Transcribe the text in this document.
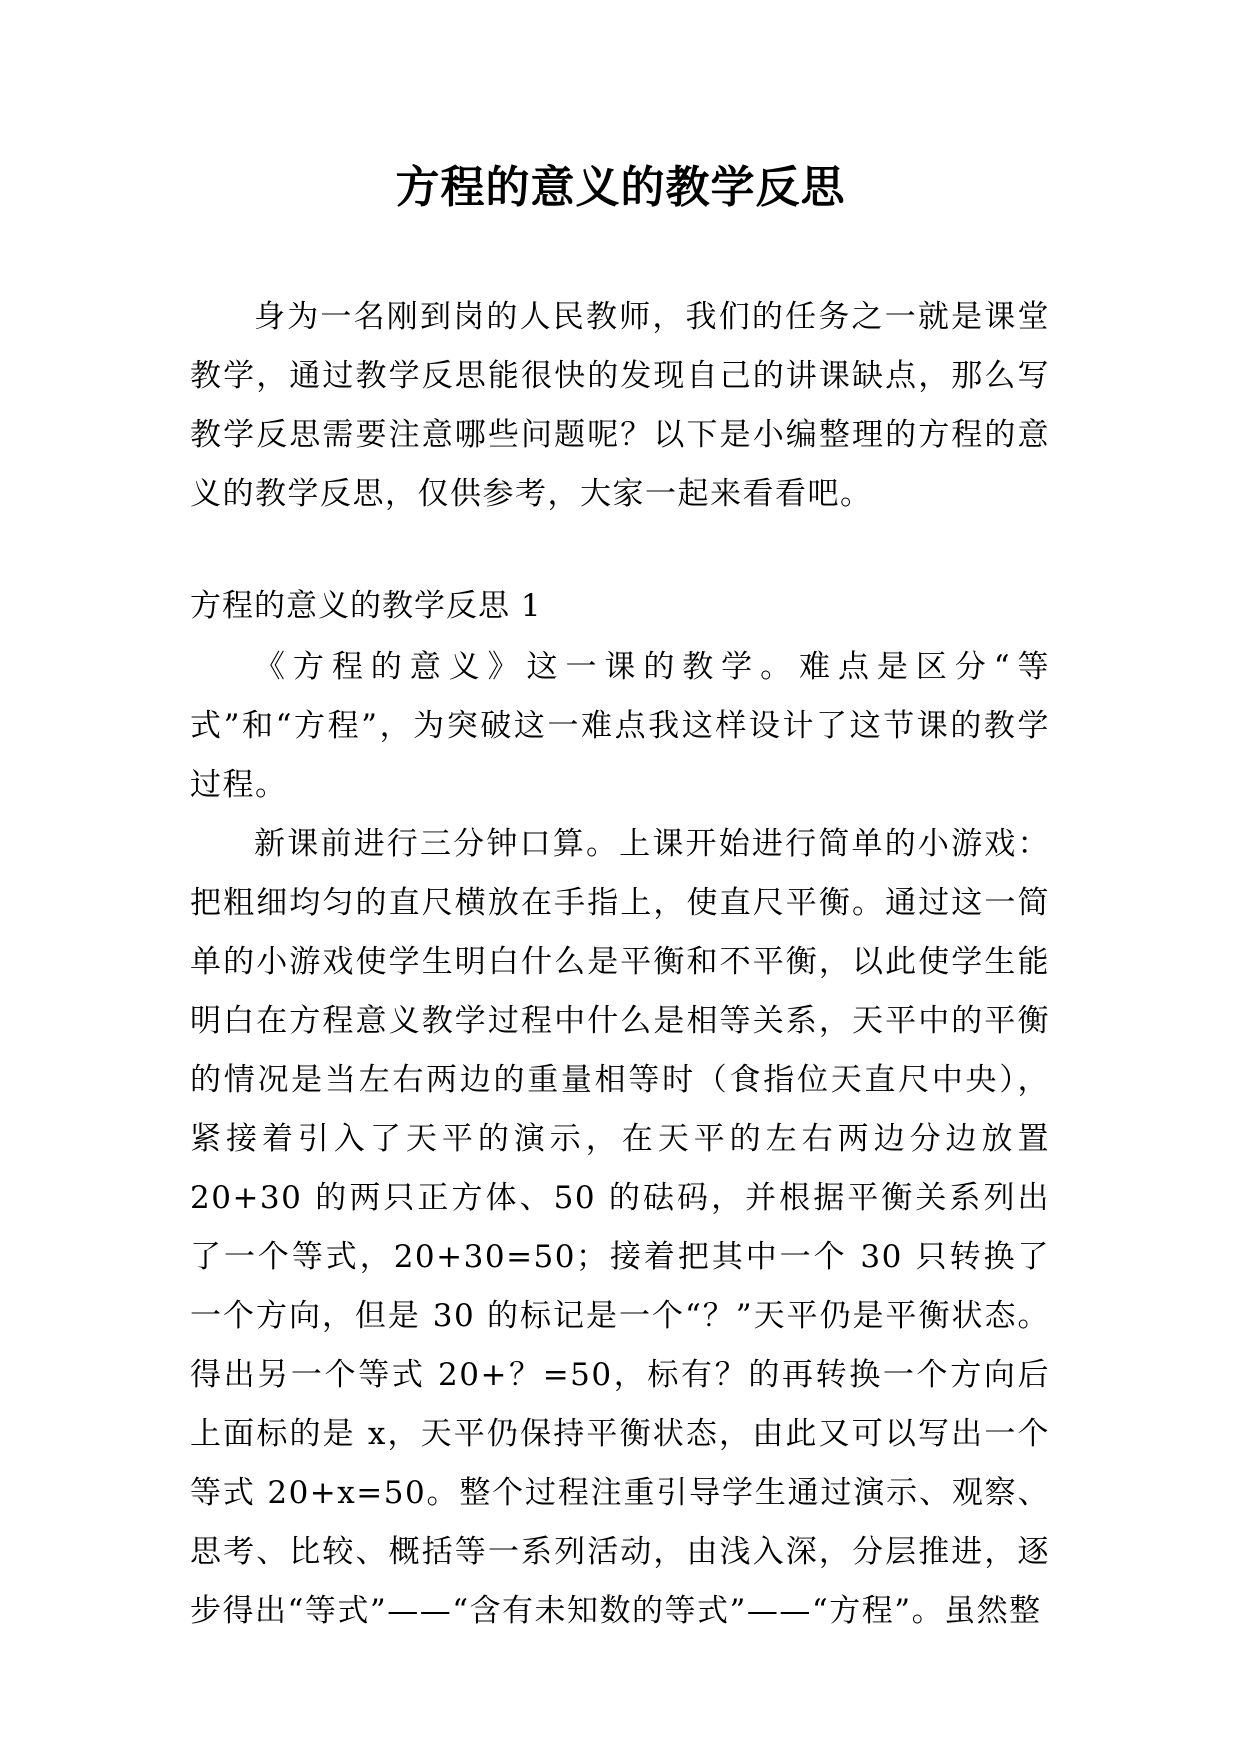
方程的意义的教学反思
身为一名刚到岗的人民教师，我们的任务之一就是课堂教学，通过教学反思能很快的发现自己的讲课缺点，那么写教学反思需要注意哪些问题呢？以下是小编整理的方程的意义的教学反思，仅供参考，大家一起来看看吧。
方程的意义的教学反思 1

《方程的意义》这一课的教学。难点是区分“等式”和“方程”，为突破这一难点我这样设计了这节课的教学过程。

新课前进行三分钟口算。上课开始进行简单的小游戏：把粗细均匀的直尺横放在手指上，使直尺平衡。通过这一简单的小游戏使学生明白什么是平衡和不平衡，以此使学生能明白在方程意义教学过程中什么是相等关系，天平中的平衡的情况是当左右两边的重量相等时（食指位天直尺中央），紧接着引入了天平的演示，在天平的左右两边分边放置 20+30 的两只正方体、50 的砝码，并根据平衡关系列出了一个等式，20+30=50；接着把其中一个 30 只转换了一个方向，但是 30 的标记是一个“？”天平仍是平衡状态。得出另一个等式 20+？=50，标有？的再转换一个方向后上面标的是 x，天平仍保持平衡状态，由此又可以写出一个等式 20+x=50。整个过程注重引导学生通过演示、观察、思考、比较、概括等一系列活动，由浅入深，分层推进，逐步得出“等式”——“含有未知数的等式”——“方程”。虽然整
